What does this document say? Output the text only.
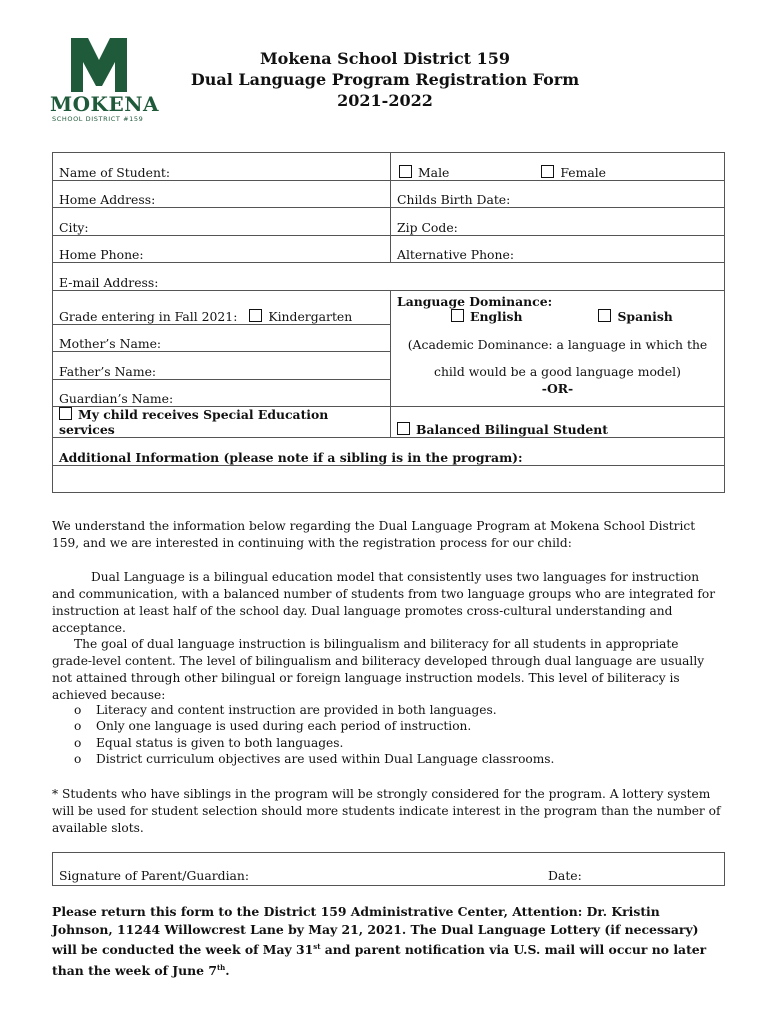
MOKENA
SCHOOL DISTRICT #159
Mokena School District 159
Dual Language Program Registration Form
2021-2022
Name of Student:	Male Female
Home Address:	Childs Birth Date:
City:	Zip Code:
Home Phone:	Alternative Phone:
E-mail Address:	
Grade entering in Fall 2021: Kindergarten	Language Dominance:
English Spanish

Mother’s Name:	(Academic Dominance: a language in which the
Father’s Name:	child would be a good language model)
Guardian’s Name:	-OR-
My child receives Special Education services	Balanced Bilingual Student
Additional Information (please note if a sibling is in the program):	

We understand the information below regarding the Dual Language Program at Mokena School District 159, and we are interested in continuing with the registration process for our child:
Dual Language is a bilingual education model that consistently uses two languages for instruction and communication, with a balanced number of students from two language groups who are integrated for instruction at least half of the school day. Dual language promotes cross-cultural understanding and acceptance.
The goal of dual language instruction is bilingualism and biliteracy for all students in appropriate grade-level content. The level of bilingualism and biliteracy developed through dual language are usually not attained through other bilingual or foreign language instruction models. This level of biliteracy is achieved because:
o Literacy and content instruction are provided in both languages.
o Only one language is used during each period of instruction.
o Equal status is given to both languages.
o District curriculum objectives are used within Dual Language classrooms.
* Students who have siblings in the program will be strongly considered for the program. A lottery system will be used for student selection should more students indicate interest in the program than the number of available slots.
Signature of Parent/Guardian:	Date:
Please return this form to the District 159 Administrative Center, Attention: Dr. Kristin Johnson, 11244 Willowcrest Lane by May 21, 2021. The Dual Language Lottery (if necessary) will be conducted the week of May 31st and parent notification via U.S. mail will occur no later than the week of June 7th.
